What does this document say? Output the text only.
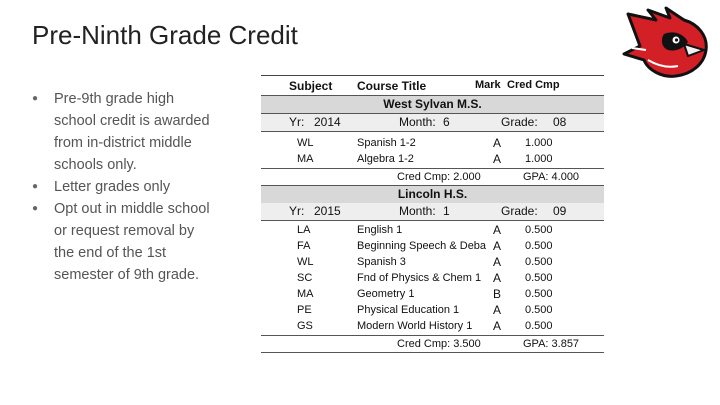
Pre-Ninth Grade Credit
● Pre-9th grade high school credit is awarded from in-district middle schools only.
● Letter grades only
● Opt out in middle school or request removal by the end of the 1st semester of 9th grade.
Subject Course Title	Mark Cred Cmp
West Sylvan M.S.
Yr: 2014	Month: 6	Grade: 08
WL	Spanish 1-2	A 1.000
MA	Algebra 1-2	A 1.000
Cred Cmp: 2.000	GPA: 4.000
Lincoln H.S.
Yr: 2015	Month: 1	Grade: 09
LA	English 1	A 0.500
FA	Beginning Speech & Deba A 0.500
WL	Spanish 3	A 0.500
SC	Fnd of Physics & Chem 1 A 0.500
MA	Geometry 1	B 0.500
PE	Physical Education 1	A 0.500
GS	Modern World History 1	A 0.500
Cred Cmp: 3.500	GPA: 3.857
